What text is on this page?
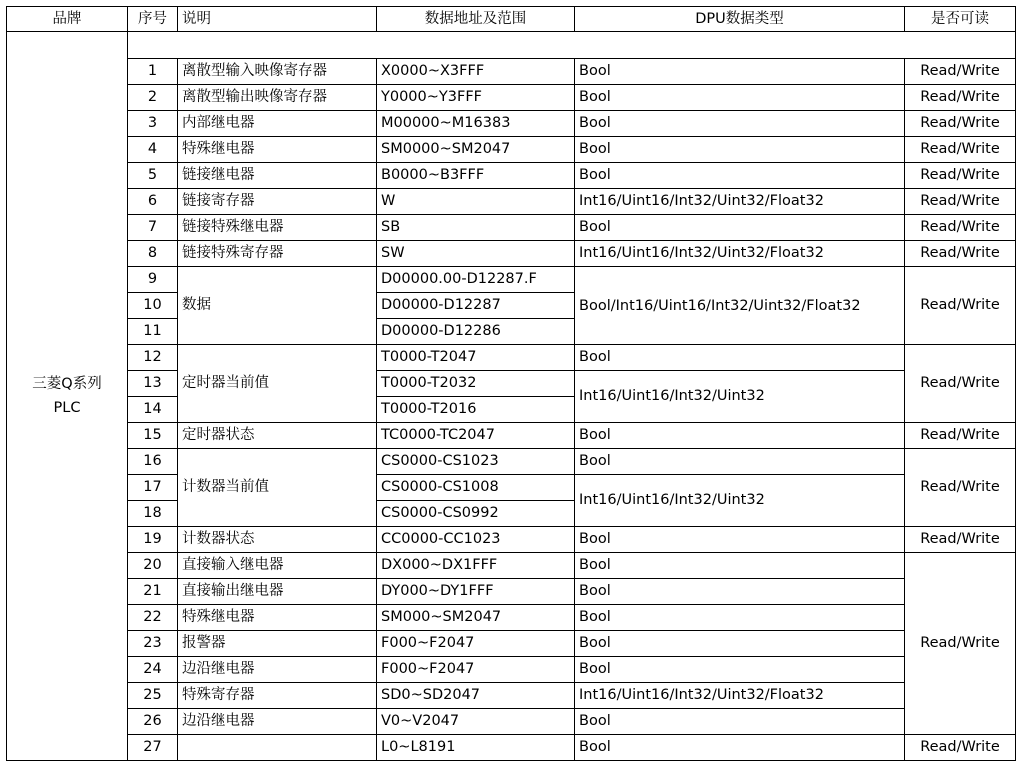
品牌	序号	说明	数据地址及范围	DPU数据类型	是否可读
三菱Q系列
PLC					
	1	离散型输入映像寄存器	X0000~X3FFF	Bool	Read/Write
	2	离散型输出映像寄存器	Y0000~Y3FFF	Bool	Read/Write
	3	内部继电器	M00000~M16383	Bool	Read/Write
	4	特殊继电器	SM0000~SM2047	Bool	Read/Write
	5	链接继电器	B0000~B3FFF	Bool	Read/Write
	6	链接寄存器	W	Int16/Uint16/Int32/Uint32/Float32	Read/Write
	7	链接特殊继电器	SB	Bool	Read/Write
	8	链接特殊寄存器	SW	Int16/Uint16/Int32/Uint32/Float32	Read/Write
	9	数据	D00000.00-D12287.F	Bool/Int16/Uint16/Int32/Uint32/Float32	Read/Write
	10		D00000-D12287		
	11		D00000-D12286		
	12	定时器当前值	T0000-T2047	Bool	Read/Write
	13		T0000-T2032	Int16/Uint16/Int32/Uint32	
	14		T0000-T2016		
	15	定时器状态	TC0000-TC2047	Bool	Read/Write
	16	计数器当前值	CS0000-CS1023	Bool	Read/Write
	17		CS0000-CS1008	Int16/Uint16/Int32/Uint32	
	18		CS0000-CS0992		
	19	计数器状态	CC0000-CC1023	Bool	Read/Write
	20	直接输入继电器	DX000~DX1FFF	Bool	Read/Write
	21	直接输出继电器	DY000~DY1FFF	Bool	
	22	特殊继电器	SM000~SM2047	Bool	
	23	报警器	F000~F2047	Bool	
	24	边沿继电器	F000~F2047	Bool	
	25	特殊寄存器	SD0~SD2047	Int16/Uint16/Int32/Uint32/Float32	
	26	边沿继电器	V0~V2047	Bool	
	27		L0~L8191	Bool	Read/Write
